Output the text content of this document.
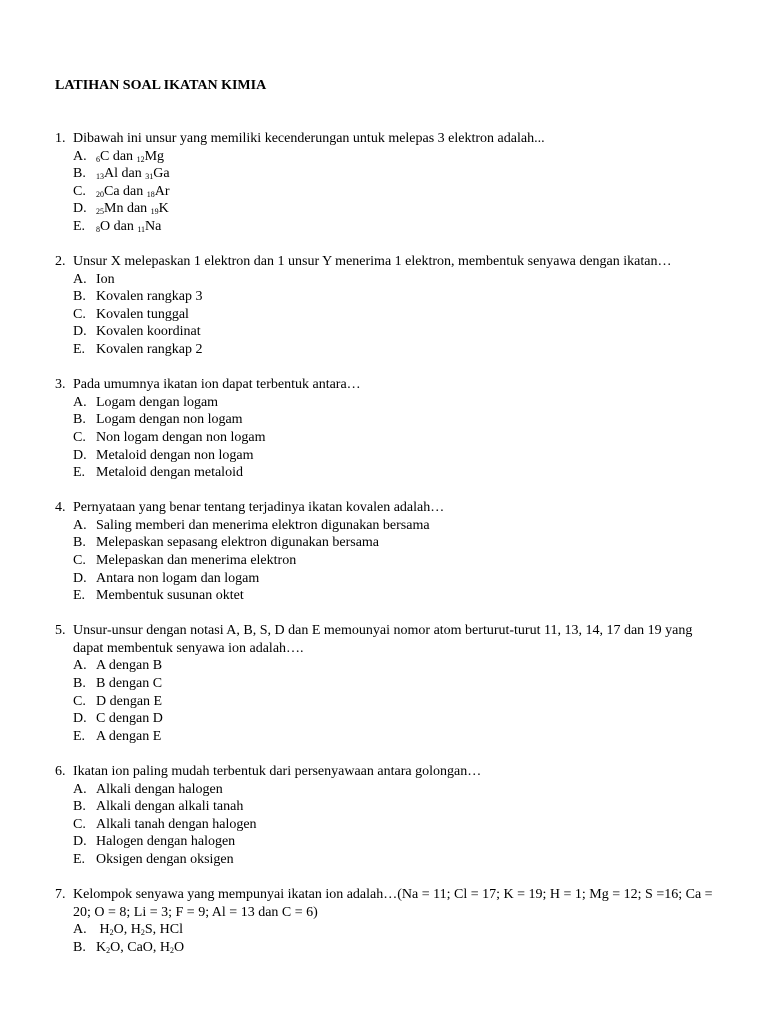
LATIHAN SOAL IKATAN KIMIA
1. Dibawah ini unsur yang memiliki kecenderungan untuk melepas 3 elektron adalah...
A.	$_6$C dan $_{12}$Mg
B.	$_{13}$Al dan $_{31}$Ga
C.	$_{20}$Ca dan $_{18}$Ar
D.	$_{25}$Mn dan $_{19}$K
E.	$_8$O dan $_{11}$Na
2. Unsur X melepaskan 1 elektron dan 1 unsur Y menerima 1 elektron, membentuk senyawa dengan ikatan…
A. Ion
B. Kovalen rangkap 3
C. Kovalen tunggal
D. Kovalen koordinat
E. Kovalen rangkap 2
3. Pada umumnya ikatan ion dapat terbentuk antara…
A. Logam dengan logam
B. Logam dengan non logam
C. Non logam dengan non logam
D. Metaloid dengan non logam
E. Metaloid dengan metaloid
4. Pernyataan yang benar tentang terjadinya ikatan kovalen adalah…
A. Saling memberi dan menerima elektron digunakan bersama
B. Melepaskan sepasang elektron digunakan bersama
C. Melepaskan dan menerima elektron
D. Antara non logam dan logam
E. Membentuk susunan oktet
5. Unsur-unsur dengan notasi A, B, S, D dan E memounyai nomor atom berturut-turut 11, 13, 14, 17 dan 19 yang dapat membentuk senyawa ion adalah….
A. A dengan B
B. B dengan C
C. D dengan E
D. C dengan D
E. A dengan E
6. Ikatan ion paling mudah terbentuk dari persenyawaan antara golongan…
A. Alkali dengan halogen
B. Alkali dengan alkali tanah
C. Alkali tanah dengan halogen
D. Halogen dengan halogen
E. Oksigen dengan oksigen
7. Kelompok senyawa yang mempunyai ikatan ion adalah…(Na = 11; Cl = 17; K = 19; H = 1; Mg = 12; S =16; Ca = 20; O = 8; Li = 3; F = 9; Al = 13 dan C = 6)
A. $H_2O$, $H_2S$, HCl
B. $K_2O$, CaO, $H_2O$
